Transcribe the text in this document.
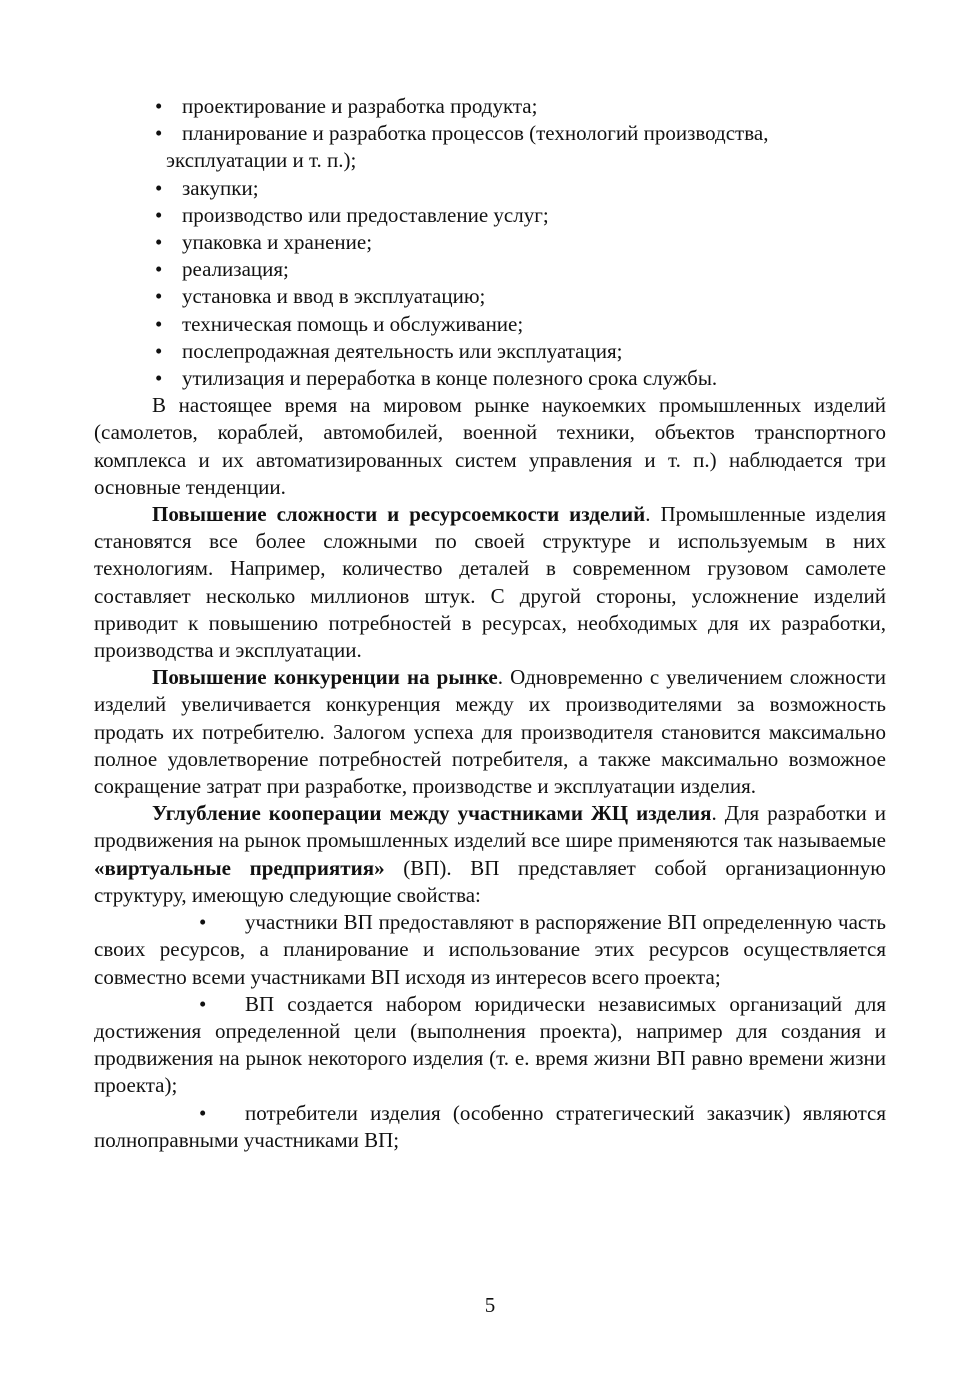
• проектирование и разработка продукта;
• планирование и разработка процессов (технологий производства,
эксплуатации и т. п.);
• закупки;
• производство или предоставление услуг;
• упаковка и хранение;
• реализация;
• установка и ввод в эксплуатацию;
• техническая помощь и обслуживание;
• послепродажная деятельность или эксплуатация;
• утилизация и переработка в конце полезного срока службы.

В настоящее время на мировом рынке наукоемких промышленных изделий (самолетов, кораблей, автомобилей, военной техники, объектов транспортного комплекса и их автоматизированных систем управления и т. п.) наблюдается три основные тенденции.

Повышение сложности и ресурсоемкости изделий. Промышленные изделия становятся все более сложными по своей структуре и используемым в них технологиям. Например, количество деталей в современном грузовом самолете составляет несколько миллионов штук. С другой стороны, усложнение изделий приводит к повышению потребностей в ресурсах, необходимых для их разработки, производства и эксплуатации.

Повышение конкуренции на рынке. Одновременно с увеличением сложности изделий увеличивается конкуренция между их производителями за возможность продать их потребителю. Залогом успеха для производителя становится максимально полное удовлетворение потребностей потребителя, а также максимально возможное сокращение затрат при разработке, производстве и эксплуатации изделия.

Углубление кооперации между участниками ЖЦ изделия. Для разработки и продвижения на рынок промышленных изделий все шире применяются так называемые «виртуальные предприятия» (ВП). ВП представляет собой организационную структуру, имеющую следующие свойства:

• участники ВП предоставляют в распоряжение ВП определенную часть своих ресурсов, а планирование и использование этих ресурсов осуществляется совместно всеми участниками ВП исходя из интересов всего проекта;
• ВП создается набором юридически независимых организаций для достижения определенной цели (выполнения проекта), например для создания и продвижения на рынок некоторого изделия (т. е. время жизни ВП равно времени жизни проекта);
• потребители изделия (особенно стратегический заказчик) являются полноправными участниками ВП;
5
